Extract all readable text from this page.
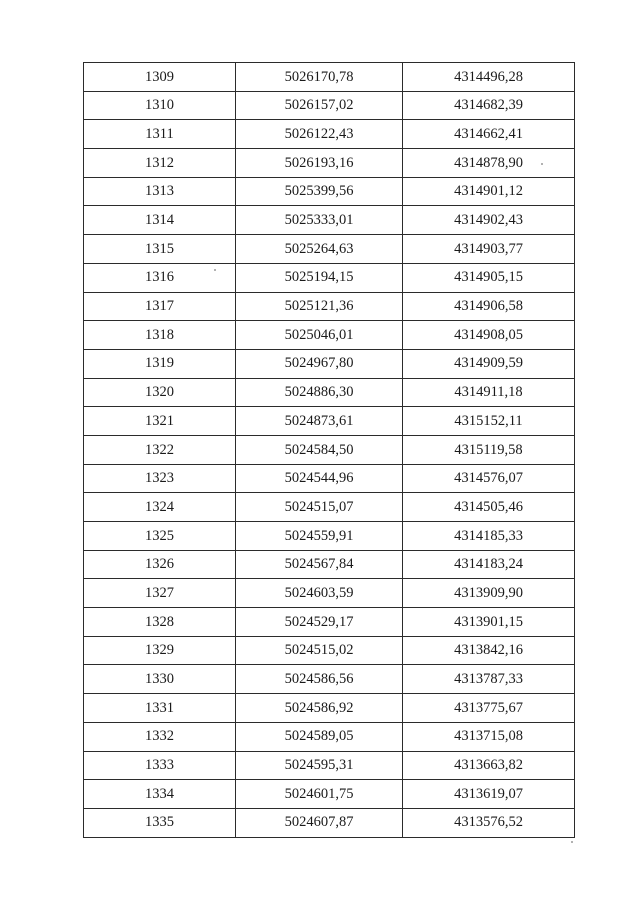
1309	5026170,78	4314496,28
1310	5026157,02	4314682,39
1311	5026122,43	4314662,41
1312	5026193,16	4314878,90
1313	5025399,56	4314901,12
1314	5025333,01	4314902,43
1315	5025264,63	4314903,77
1316	5025194,15	4314905,15
1317	5025121,36	4314906,58
1318	5025046,01	4314908,05
1319	5024967,80	4314909,59
1320	5024886,30	4314911,18
1321	5024873,61	4315152,11
1322	5024584,50	4315119,58
1323	5024544,96	4314576,07
1324	5024515,07	4314505,46
1325	5024559,91	4314185,33
1326	5024567,84	4314183,24
1327	5024603,59	4313909,90
1328	5024529,17	4313901,15
1329	5024515,02	4313842,16
1330	5024586,56	4313787,33
1331	5024586,92	4313775,67
1332	5024589,05	4313715,08
1333	5024595,31	4313663,82
1334	5024601,75	4313619,07
1335	5024607,87	4313576,52
